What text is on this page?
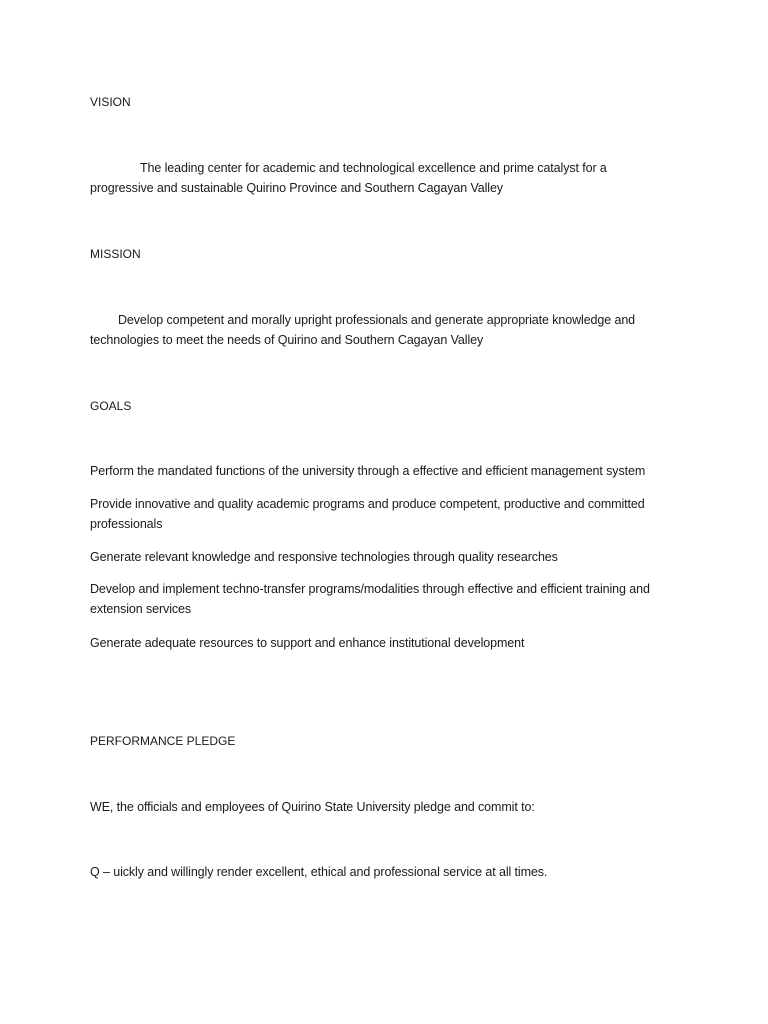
VISION

The leading center for academic and technological excellence and prime catalyst for a progressive and sustainable Quirino Province and Southern Cagayan Valley

MISSION

Develop competent and morally upright professionals and generate appropriate knowledge and technologies to meet the needs of Quirino and Southern Cagayan Valley

GOALS

Perform the mandated functions of the university through a effective and efficient management system

Provide innovative and quality academic programs and produce competent, productive and committed professionals

Generate relevant knowledge and responsive technologies through quality researches

Develop and implement techno-transfer programs/modalities through effective and efficient training and extension services

Generate adequate resources to support and enhance institutional development

PERFORMANCE PLEDGE

WE, the officials and employees of Quirino State University pledge and commit to:

Q – uickly and willingly render excellent, ethical and professional service at all times.
